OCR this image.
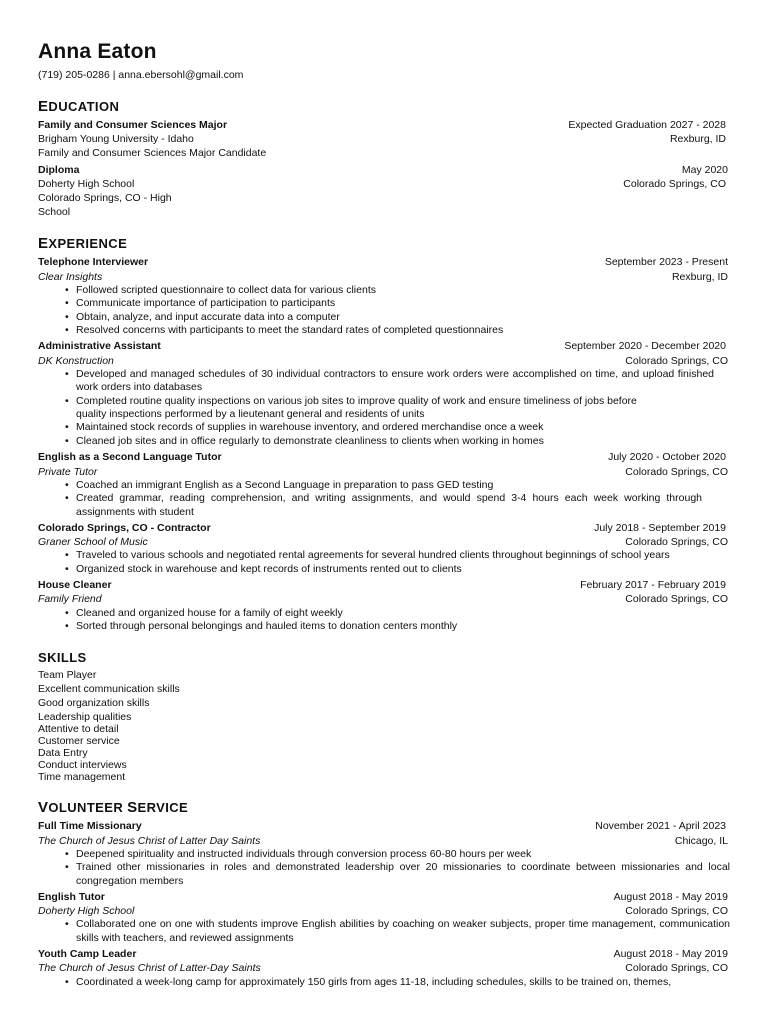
Anna Eaton
(719) 205-0286 | anna.ebersohl@gmail.com
EDUCATION
Family and Consumer Sciences Major	Expected Graduation 2027 - 2028
Brigham Young University - Idaho	Rexburg, ID
Family and Consumer Sciences Major Candidate
Diploma	May 2020
Doherty High School	Colorado Springs, CO
Colorado Springs, CO - High
School
EXPERIENCE
Telephone Interviewer	September 2023 - Present
Clear Insights	Rexburg, ID
• Followed scripted questionnaire to collect data for various clients
• Communicate importance of participation to participants
• Obtain, analyze, and input accurate data into a computer
• Resolved concerns with participants to meet the standard rates of completed questionnaires
Administrative Assistant	September 2020 - December 2020
DK Konstruction	Colorado Springs, CO
• Developed and managed schedules of 30 individual contractors to ensure work orders were accomplished on time, and upload finished work orders into databases
• Completed routine quality inspections on various job sites to improve quality of work and ensure timeliness of jobs before quality inspections performed by a lieutenant general and residents of units
• Maintained stock records of supplies in warehouse inventory, and ordered merchandise once a week
• Cleaned job sites and in office regularly to demonstrate cleanliness to clients when working in homes
English as a Second Language Tutor	July 2020 - October 2020
Private Tutor	Colorado Springs, CO
• Coached an immigrant English as a Second Language in preparation to pass GED testing
• Created grammar, reading comprehension, and writing assignments, and would spend 3-4 hours each week working through assignments with student
Colorado Springs, CO - Contractor	July 2018 - September 2019
Graner School of Music	Colorado Springs, CO
• Traveled to various schools and negotiated rental agreements for several hundred clients throughout beginnings of school years
• Organized stock in warehouse and kept records of instruments rented out to clients
House Cleaner	February 2017 - February 2019
Family Friend	Colorado Springs, CO
• Cleaned and organized house for a family of eight weekly
• Sorted through personal belongings and hauled items to donation centers monthly
SKILLS
Team Player
Excellent communication skills
Good organization skills
Leadership qualities
Attentive to detail
Customer service
Data Entry
Conduct interviews
Time management
VOLUNTEER SERVICE
Full Time Missionary	November 2021 - April 2023
The Church of Jesus Christ of Latter Day Saints	Chicago, IL
• Deepened spirituality and instructed individuals through conversion process 60-80 hours per week
• Trained other missionaries in roles and demonstrated leadership over 20 missionaries to coordinate between missionaries and local congregation members
English Tutor	August 2018 - May 2019
Doherty High School	Colorado Springs, CO
• Collaborated one on one with students improve English abilities by coaching on weaker subjects, proper time management, communication skills with teachers, and reviewed assignments
Youth Camp Leader	August 2018 - May 2019
The Church of Jesus Christ of Latter-Day Saints	Colorado Springs, CO
• Coordinated a week-long camp for approximately 150 girls from ages 11-18, including schedules, skills to be trained on, themes,
